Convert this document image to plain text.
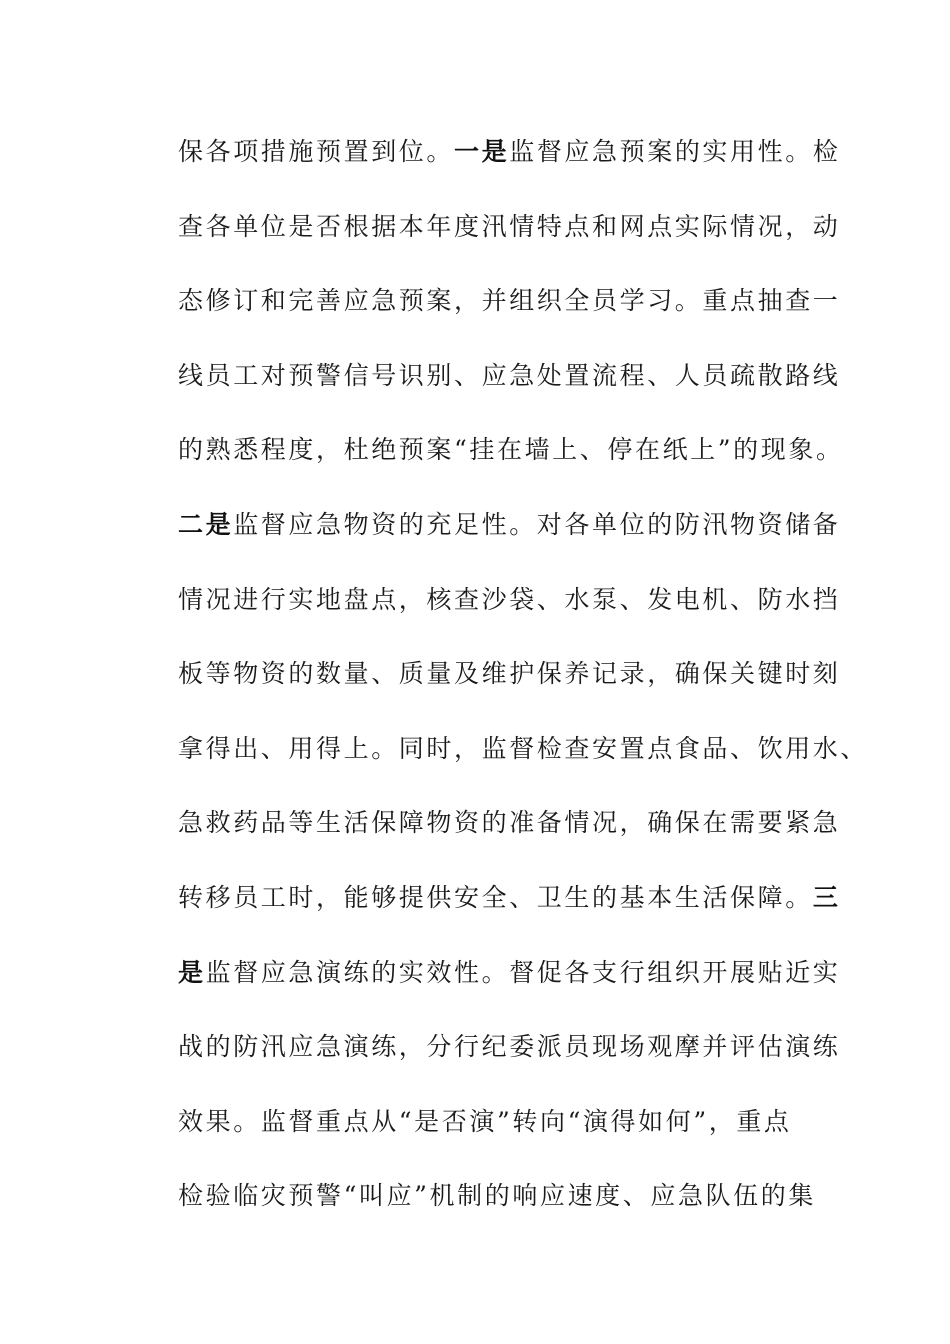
保各项措施预置到位。一是监督应急预案的实用性。检
查各单位是否根据本年度汛情特点和网点实际情况，动
态修订和完善应急预案，并组织全员学习。重点抽查一
线员工对预警信号识别、应急处置流程、人员疏散路线
的熟悉程度，杜绝预案“挂在墙上、停在纸上”的现象。
二是监督应急物资的充足性。对各单位的防汛物资储备
情况进行实地盘点，核查沙袋、水泵、发电机、防水挡
板等物资的数量、质量及维护保养记录，确保关键时刻
拿得出、用得上。同时，监督检查安置点食品、饮用水、
急救药品等生活保障物资的准备情况，确保在需要紧急
转移员工时，能够提供安全、卫生的基本生活保障。三
是监督应急演练的实效性。督促各支行组织开展贴近实
战的防汛应急演练，分行纪委派员现场观摩并评估演练
效果。监督重点从“是否演”转向“演得如何”，重点
检验临灾预警“叫应”机制的响应速度、应急队伍的集
